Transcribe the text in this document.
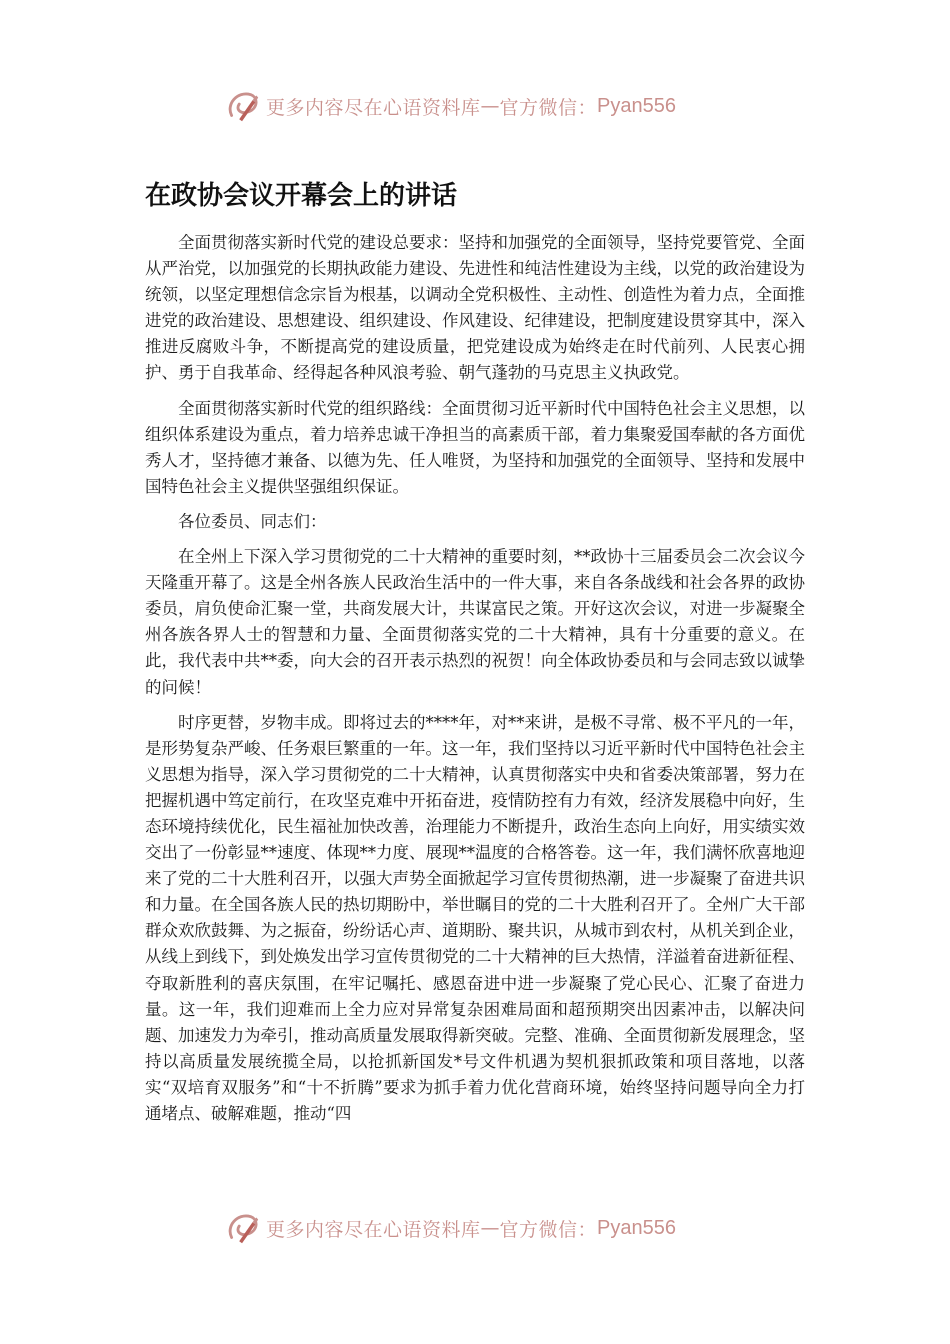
更多内容尽在心语资料库 — 官方微信： Pyan556
在政协会议开幕会上的讲话

全面贯彻落实新时代党的建设总要求：坚持和加强党的全面领导，坚持党要管党、全面从严治党，以加强党的长期执政能力建设、先进性和纯洁性建设为主线，以党的政治建设为统领，以坚定理想信念宗旨为根基，以调动全党积极性、主动性、创造性为着力点，全面推进党的政治建设、思想建设、组织建设、作风建设、纪律建设，把制度建设贯穿其中，深入推进反腐败斗争，不断提高党的建设质量，把党建设成为始终走在时代前列、人民衷心拥护、勇于自我革命、经得起各种风浪考验、朝气蓬勃的马克思主义执政党。

全面贯彻落实新时代党的组织路线：全面贯彻习近平新时代中国特色社会主义思想，以组织体系建设为重点，着力培养忠诚干净担当的高素质干部，着力集聚爱国奉献的各方面优秀人才，坚持德才兼备、以德为先、任人唯贤，为坚持和加强党的全面领导、坚持和发展中国特色社会主义提供坚强组织保证。

各位委员、同志们：

在全州上下深入学习贯彻党的二十大精神的重要时刻，**政协十三届委员会二次会议今天隆重开幕了。这是全州各族人民政治生活中的一件大事，来自各条战线和社会各界的政协委员，肩负使命汇聚一堂，共商发展大计，共谋富民之策。开好这次会议，对进一步凝聚全州各族各界人士的智慧和力量、全面贯彻落实党的二十大精神，具有十分重要的意义。在此，我代表中共**委，向大会的召开表示热烈的祝贺！向全体政协委员和与会同志致以诚挚的问候！

时序更替，岁物丰成。即将过去的****年，对**来讲，是极不寻常、极不平凡的一年，是形势复杂严峻、任务艰巨繁重的一年。这一年，我们坚持以习近平新时代中国特色社会主义思想为指导，深入学习贯彻党的二十大精神，认真贯彻落实中央和省委决策部署，努力在把握机遇中笃定前行，在攻坚克难中开拓奋进，疫情防控有力有效，经济发展稳中向好，生态环境持续优化，民生福祉加快改善，治理能力不断提升，政治生态向上向好，用实绩实效交出了一份彰显**速度、体现**力度、展现**温度的合格答卷。这一年，我们满怀欣喜地迎来了党的二十大胜利召开，以强大声势全面掀起学习宣传贯彻热潮，进一步凝聚了奋进共识和力量。在全国各族人民的热切期盼中，举世瞩目的党的二十大胜利召开了。全州广大干部群众欢欣鼓舞、为之振奋，纷纷话心声、道期盼、聚共识，从城市到农村，从机关到企业，从线上到线下，到处焕发出学习宣传贯彻党的二十大精神的巨大热情，洋溢着奋进新征程、夺取新胜利的喜庆氛围，在牢记嘱托、感恩奋进中进一步凝聚了党心民心、汇聚了奋进力量。这一年，我们迎难而上全力应对异常复杂困难局面和超预期突出因素冲击，以解决问题、加速发力为牵引，推动高质量发展取得新突破。完整、准确、全面贯彻新发展理念，坚持以高质量发展统揽全局，以抢抓新国发*号文件机遇为契机狠抓政策和项目落地，以落实“双培育双服务”和“十不折腾”要求为抓手着力优化营商环境，始终坚持问题导向全力打通堵点、破解难题，推动“四

更多内容尽在心语资料库 — 官方微信： Pyan556
